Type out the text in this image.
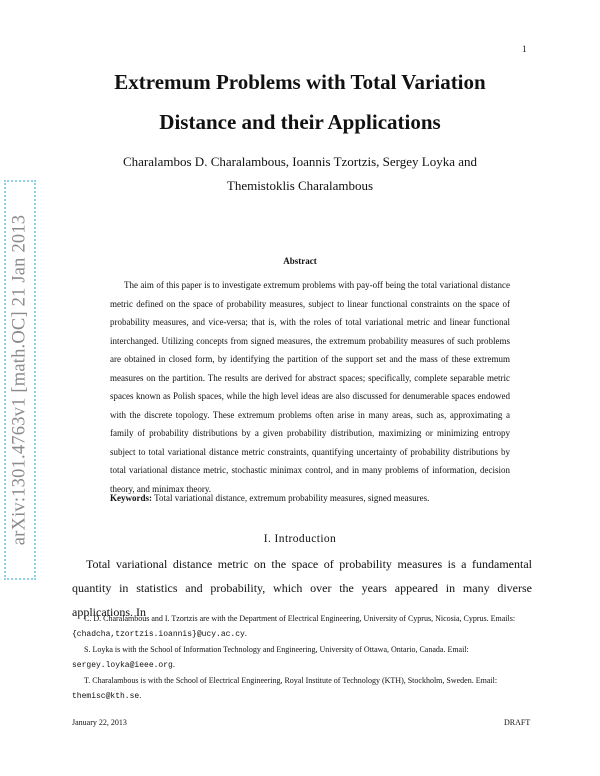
1
arXiv:1301.4763v1 [math.OC] 21 Jan 2013
Extremum Problems with Total Variation
Distance and their Applications
Charalambos D. Charalambous, Ioannis Tzortzis, Sergey Loyka and
Themistoklis Charalambous
Abstract
The aim of this paper is to investigate extremum problems with pay-off being the total variational distance metric defined on the space of probability measures, subject to linear functional constraints on the space of probability measures, and vice-versa; that is, with the roles of total variational metric and linear functional interchanged. Utilizing concepts from signed measures, the extremum probability measures of such problems are obtained in closed form, by identifying the partition of the support set and the mass of these extremum measures on the partition. The results are derived for abstract spaces; specifically, complete separable metric spaces known as Polish spaces, while the high level ideas are also discussed for denumerable spaces endowed with the discrete topology. These extremum problems often arise in many areas, such as, approximating a family of probability distributions by a given probability distribution, maximizing or minimizing entropy subject to total variational distance metric constraints, quantifying uncertainty of probability distributions by total variational distance metric, stochastic minimax control, and in many problems of information, decision theory, and minimax theory.
Keywords: Total variational distance, extremum probability measures, signed measures.
I. Introduction
Total variational distance metric on the space of probability measures is a fundamental quantity in statistics and probability, which over the years appeared in many diverse applications. In

C. D. Charalambous and I. Tzortzis are with the Department of Electrical Engineering, University of Cyprus, Nicosia, Cyprus. Emails: {chadcha,tzortzis.ioannis}@ucy.ac.cy.

S. Loyka is with the School of Information Technology and Engineering, University of Ottawa, Ontario, Canada. Email: sergey.loyka@ieee.org.

T. Charalambous is with the School of Electrical Engineering, Royal Institute of Technology (KTH), Stockholm, Sweden. Email: themisc@kth.se.

January 22, 2013	DRAFT
